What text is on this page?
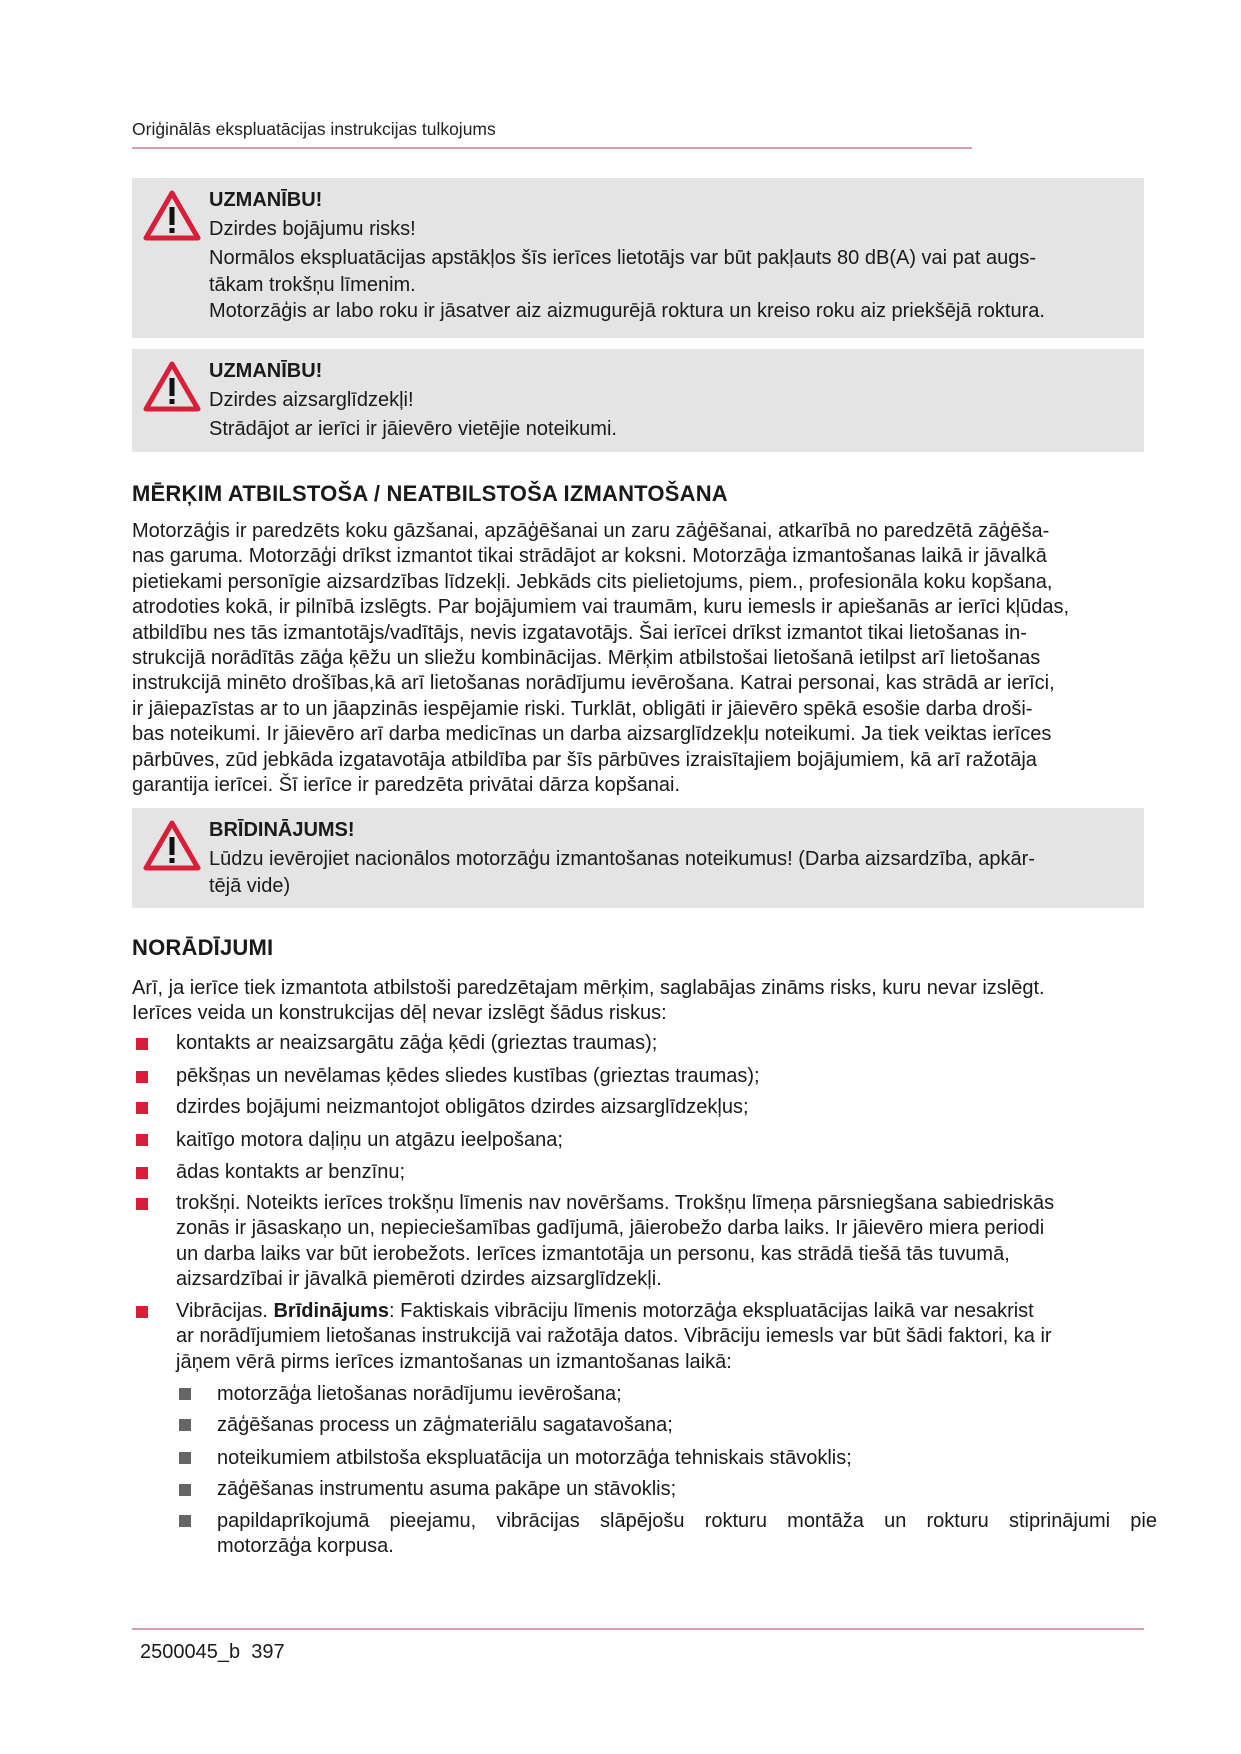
Oriģinālās ekspluatācijas instrukcijas tulkojums
UZMANĪBU!
Dzirdes bojājumu risks!
Normālos ekspluatācijas apstākļos šīs ierīces lietotājs var būt pakļauts 80 dB(A) vai pat augs-
tākam trokšņu līmenim.
Motorzāģis ar labo roku ir jāsatver aiz aizmugurējā roktura un kreiso roku aiz priekšējā roktura.
UZMANĪBU!
Dzirdes aizsarglīdzekļi!
Strādājot ar ierīci ir jāievēro vietējie noteikumi.
MĒRĶIM ATBILSTOŠA / NEATBILSTOŠA IZMANTOŠANA
Motorzāģis ir paredzēts koku gāzšanai, apzāģēšanai un zaru zāģēšanai, atkarībā no paredzētā zāģēša-
nas garuma. Motorzāģi drīkst izmantot tikai strādājot ar koksni. Motorzāģa izmantošanas laikā ir jāvalkā
pietiekami personīgie aizsardzības līdzekļi. Jebkāds cits pielietojums, piem., profesionāla koku kopšana,
atrodoties kokā, ir pilnībā izslēgts. Par bojājumiem vai traumām, kuru iemesls ir apiešanās ar ierīci kļūdas,
atbildību nes tās izmantotājs/vadītājs, nevis izgatavotājs. Šai ierīcei drīkst izmantot tikai lietošanas in-
strukcijā norādītās zāģa ķēžu un sliežu kombinācijas. Mērķim atbilstošai lietošanā ietilpst arī lietošanas
instrukcijā minēto drošības,kā arī lietošanas norādījumu ievērošana. Katrai personai, kas strādā ar ierīci,
ir jāiepazīstas ar to un jāapzinās iespējamie riski. Turklāt, obligāti ir jāievēro spēkā esošie darba droši-
bas noteikumi. Ir jāievēro arī darba medicīnas un darba aizsarglīdzekļu noteikumi. Ja tiek veiktas ierīces
pārbūves, zūd jebkāda izgatavotāja atbildība par šīs pārbūves izraisītajiem bojājumiem, kā arī ražotāja
garantija ierīcei. Šī ierīce ir paredzēta privātai dārza kopšanai.
BRĪDINĀJUMS!
Lūdzu ievērojiet nacionālos motorzāģu izmantošanas noteikumus! (Darba aizsardzība, apkār-
tējā vide)
NORĀDĪJUMI
Arī, ja ierīce tiek izmantota atbilstoši paredzētajam mērķim, saglabājas zināms risks, kuru nevar izslēgt.
Ierīces veida un konstrukcijas dēļ nevar izslēgt šādus riskus:
kontakts ar neaizsargātu zāģa ķēdi (grieztas traumas);
pēkšņas un nevēlamas ķēdes sliedes kustības (grieztas traumas);
dzirdes bojājumi neizmantojot obligātos dzirdes aizsarglīdzekļus;
kaitīgo motora daļiņu un atgāzu ieelpošana;
ādas kontakts ar benzīnu;
trokšņi. Noteikts ierīces trokšņu līmenis nav novēršams. Trokšņu līmeņa pārsniegšana sabiedriskās
zonās ir jāsaskaņo un, nepieciešamības gadījumā, jāierobežo darba laiks. Ir jāievēro miera periodi
un darba laiks var būt ierobežots. Ierīces izmantotāja un personu, kas strādā tiešā tās tuvumā,
aizsardzībai ir jāvalkā piemēroti dzirdes aizsarglīdzekļi.
Vibrācijas. Brīdinājums: Faktiskais vibrāciju līmenis motorzāģa ekspluatācijas laikā var nesakrist
ar norādījumiem lietošanas instrukcijā vai ražotāja datos. Vibrāciju iemesls var būt šādi faktori, ka ir
jāņem vērā pirms ierīces izmantošanas un izmantošanas laikā:
motorzāģa lietošanas norādījumu ievērošana;
zāģēšanas process un zāģmateriālu sagatavošana;
noteikumiem atbilstoša ekspluatācija un motorzāģa tehniskais stāvoklis;
zāģēšanas instrumentu asuma pakāpe un stāvoklis;
papildaprīkojumā pieejamu, vibrācijas slāpējošu rokturu montāža un rokturu stiprinājumi pie
motorzāģa korpusa.
2500045_b  397
